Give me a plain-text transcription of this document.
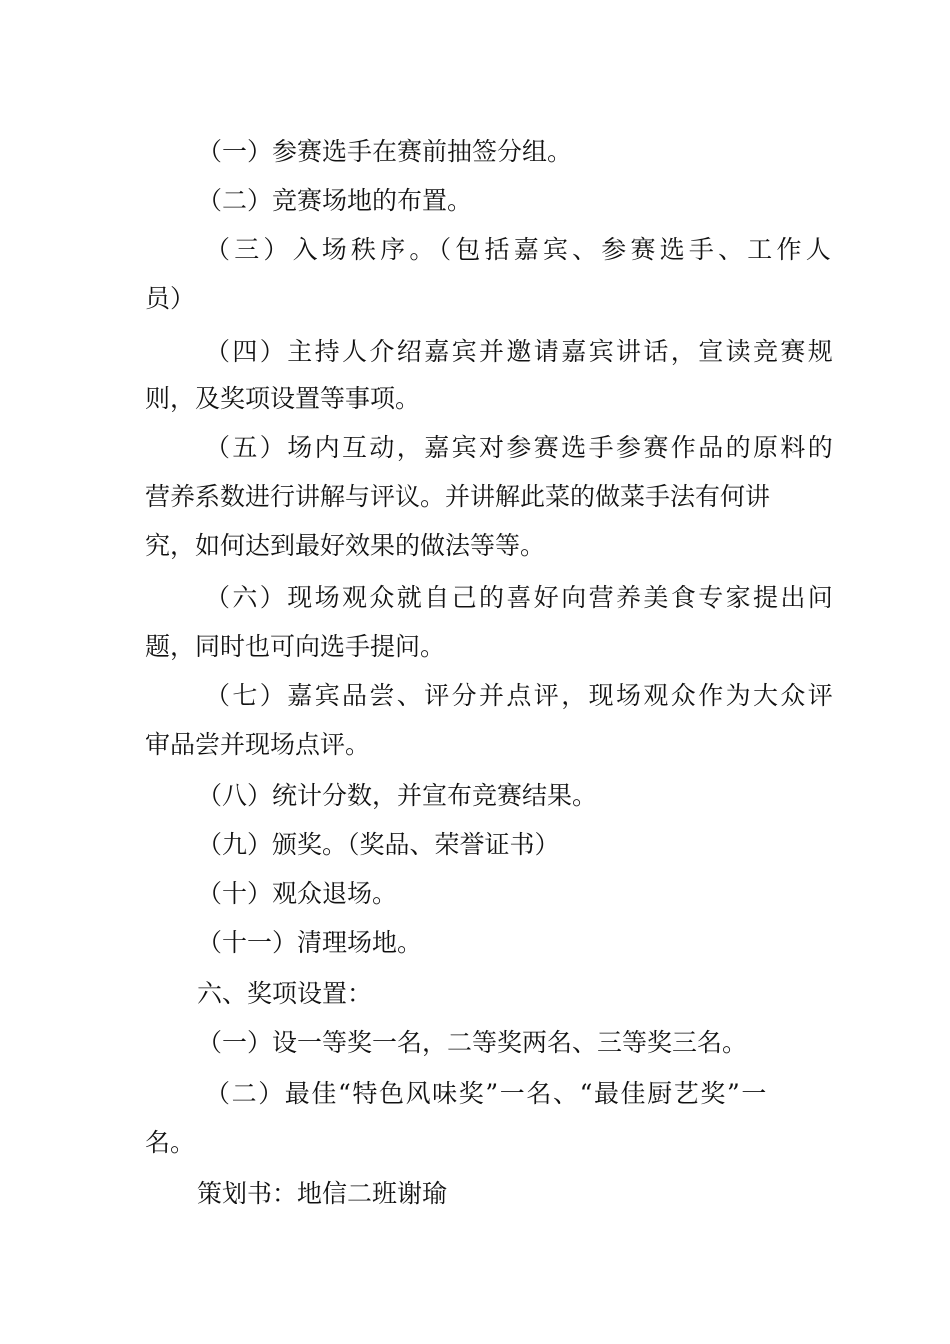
（一）参赛选手在赛前抽签分组。
（二）竞赛场地的布置。
（三）入场秩序。（包括嘉宾、参赛选手、工作人
员）
（四）主持人介绍嘉宾并邀请嘉宾讲话，宣读竞赛规
则，及奖项设置等事项。
（五）场内互动，嘉宾对参赛选手参赛作品的原料的
营养系数进行讲解与评议。并讲解此菜的做菜手法有何讲
究，如何达到最好效果的做法等等。
（六）现场观众就自己的喜好向营养美食专家提出问
题，同时也可向选手提问。
（七）嘉宾品尝、评分并点评，现场观众作为大众评
审品尝并现场点评。
（八）统计分数，并宣布竞赛结果。
（九）颁奖。（奖品、荣誉证书）
（十）观众退场。
（十一）清理场地。
六、奖项设置：
（一）设一等奖一名，二等奖两名、三等奖三名。
（二）最佳“特色风味奖”一名、“最佳厨艺奖”一
名。
策划书：地信二班谢瑜
